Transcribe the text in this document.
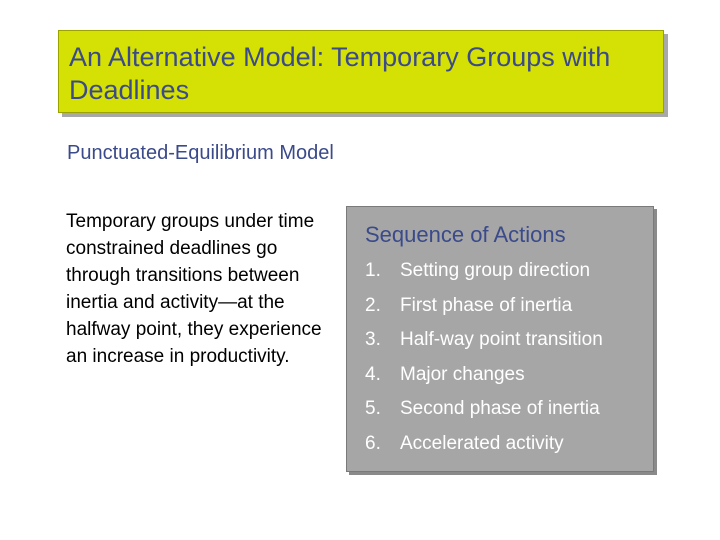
An Alternative Model: Temporary Groups with Deadlines
Punctuated-Equilibrium Model
Temporary groups under time constrained deadlines go through transitions between inertia and activity—at the halfway point, they experience an increase in productivity.
Sequence of Actions
1. Setting group direction
2. First phase of inertia
3. Half-way point transition
4. Major changes
5. Second phase of inertia
6. Accelerated activity
